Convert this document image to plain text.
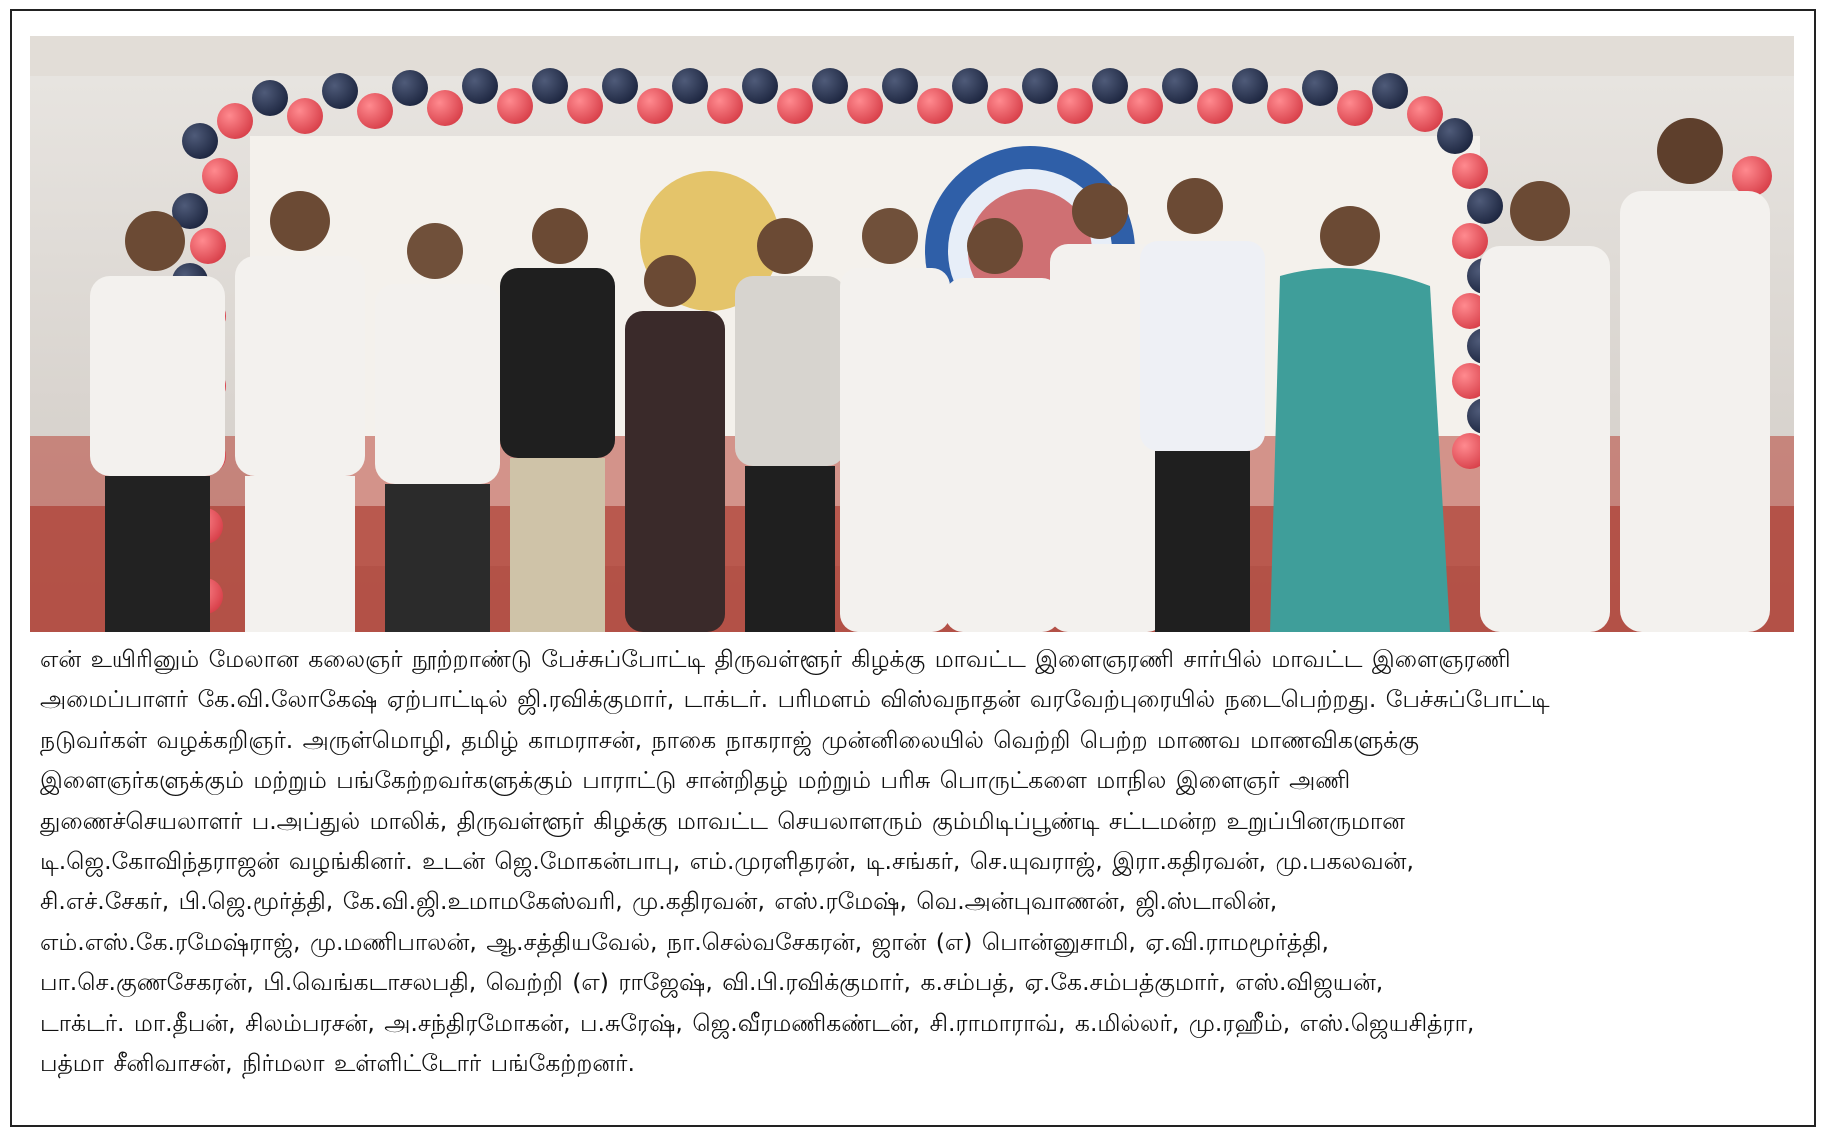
என் உயிரினும் மேலான கலைஞர் நூற்றாண்டு பேச்சுப்போட்டி திருவள்ளூர் கிழக்கு மாவட்ட இளைஞரணி சார்பில் மாவட்ட இளைஞரணி
அமைப்பாளர் கே.வி.லோகேஷ் ஏற்பாட்டில் ஜி.ரவிக்குமார், டாக்டர். பரிமளம் விஸ்வநாதன் வரவேற்புரையில் நடைபெற்றது. பேச்சுப்போட்டி
நடுவர்கள் வழக்கறிஞர். அருள்மொழி, தமிழ் காமராசன், நாகை நாகராஜ் முன்னிலையில் வெற்றி பெற்ற மாணவ மாணவிகளுக்கு
இளைஞர்களுக்கும் மற்றும் பங்கேற்றவர்களுக்கும் பாராட்டு சான்றிதழ் மற்றும் பரிசு பொருட்களை மாநில இளைஞர் அணி
துணைச்செயலாளர் ப.அப்துல் மாலிக், திருவள்ளூர் கிழக்கு மாவட்ட செயலாளரும் கும்மிடிப்பூண்டி சட்டமன்ற உறுப்பினருமான
டி.ஜெ.கோவிந்தராஜன் வழங்கினர். உடன் ஜெ.மோகன்பாபு, எம்.முரளிதரன், டி.சங்கர், செ.யுவராஜ், இரா.கதிரவன், மு.பகலவன்,
சி.எச்.சேகர், பி.ஜெ.மூர்த்தி, கே.வி.ஜி.உமாமகேஸ்வரி, மு.கதிரவன், எஸ்.ரமேஷ், வெ.அன்புவாணன், ஜி.ஸ்டாலின்,
எம்.எஸ்.கே.ரமேஷ்ராஜ், மு.மணிபாலன், ஆ.சத்தியவேல், நா.செல்வசேகரன், ஜான் (எ) பொன்னுசாமி, ஏ.வி.ராமமூர்த்தி,
பா.செ.குணசேகரன், பி.வெங்கடாசலபதி, வெற்றி (எ) ராஜேஷ், வி.பி.ரவிக்குமார், க.சம்பத், ஏ.கே.சம்பத்குமார், எஸ்.விஜயன்,
டாக்டர். மா.தீபன், சிலம்பரசன், அ.சந்திரமோகன், ப.சுரேஷ், ஜெ.வீரமணிகண்டன், சி.ராமாராவ், க.மில்லர், மு.ரஹீம், எஸ்.ஜெயசித்ரா,
பத்மா சீனிவாசன், நிர்மலா உள்ளிட்டோர் பங்கேற்றனர்.
